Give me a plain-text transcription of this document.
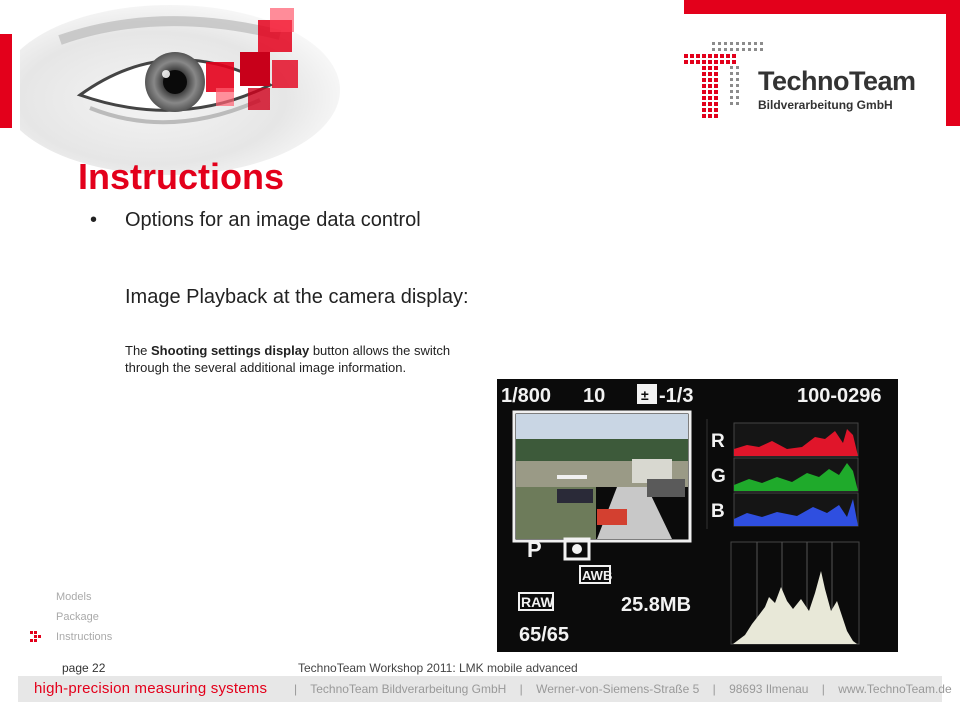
TechnoTeam
Bildverarbeitung GmbH
Instructions
• Options for an image data control
Image Playback at the camera display:
The Shooting settings display button allows the switch through the several additional image information.
1/800 10	± -1/3	100-0296
R
G
B
P
AWB
RAW	25.8MB
65/65
Models
Package
Instructions
page 22	TechnoTeam Workshop 2011: LMK mobile advanced
high-precision measuring systems |    TechnoTeam Bildverarbeitung GmbH    |    Werner-von-Siemens-Straße 5    |    98693 Ilmenau    |    www.TechnoTeam.de
